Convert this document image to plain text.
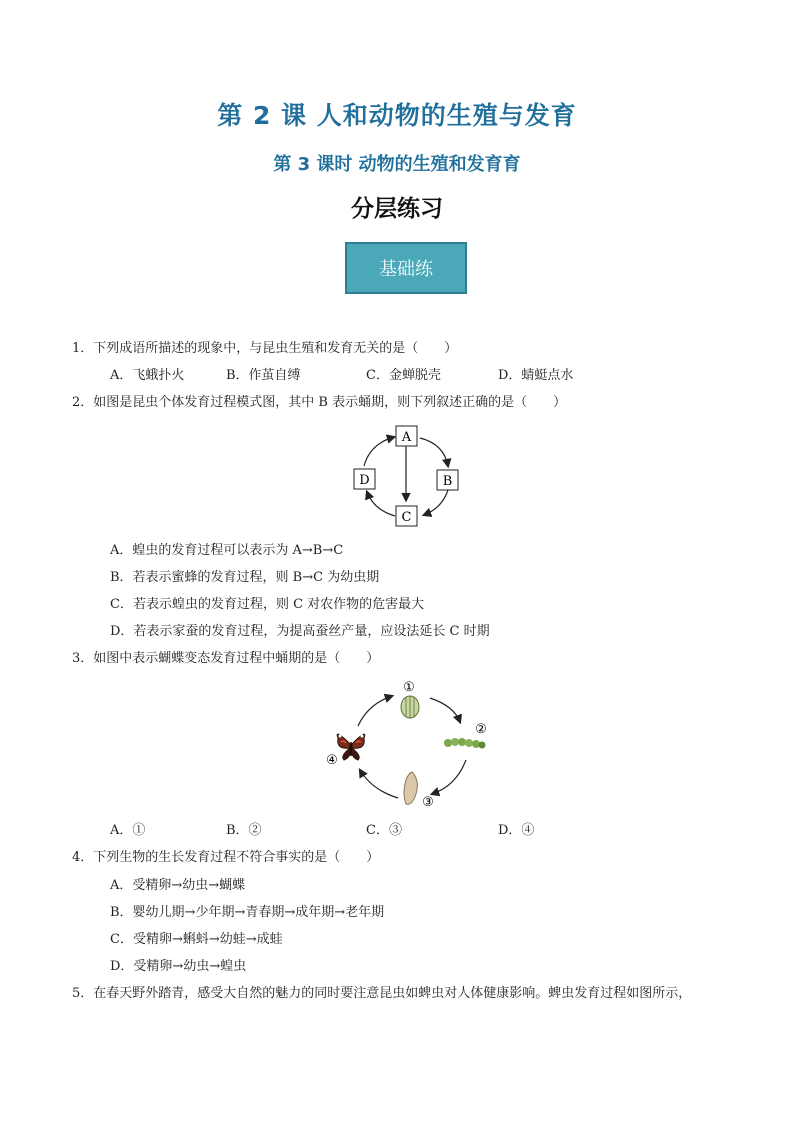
第 2 课 人和动物的生殖与发育
第 3 课时 动物的生殖和发育育
分层练习
基础练
1．下列成语所描述的现象中，与昆虫生殖和发育无关的是（　　）
A．飞蛾扑火	B．作茧自缚	C．金蝉脱壳	D．蜻蜓点水
2．如图是昆虫个体发育过程模式图，其中 B 表示蛹期，则下列叙述正确的是（　　）
A
B
C
D
A．蝗虫的发育过程可以表示为 A→B→C
B．若表示蜜蜂的发育过程，则 B→C 为幼虫期
C．若表示蝗虫的发育过程，则 C 对农作物的危害最大
D．若表示家蚕的发育过程，为提高蚕丝产量，应设法延长 C 时期
3．如图中表示蝴蝶变态发育过程中蛹期的是（　　）
①
②
③
④
A．①	B．②	C．③	D．④
4．下列生物的生长发育过程不符合事实的是（　　）
A．受精卵→幼虫→蝴蝶
B．婴幼儿期→少年期→青春期→成年期→老年期
C．受精卵→蝌蚪→幼蛙→成蛙
D．受精卵→幼虫→蝗虫
5．在春天野外踏青，感受大自然的魅力的同时要注意昆虫如蜱虫对人体健康影响。蜱虫发育过程如图所示，
